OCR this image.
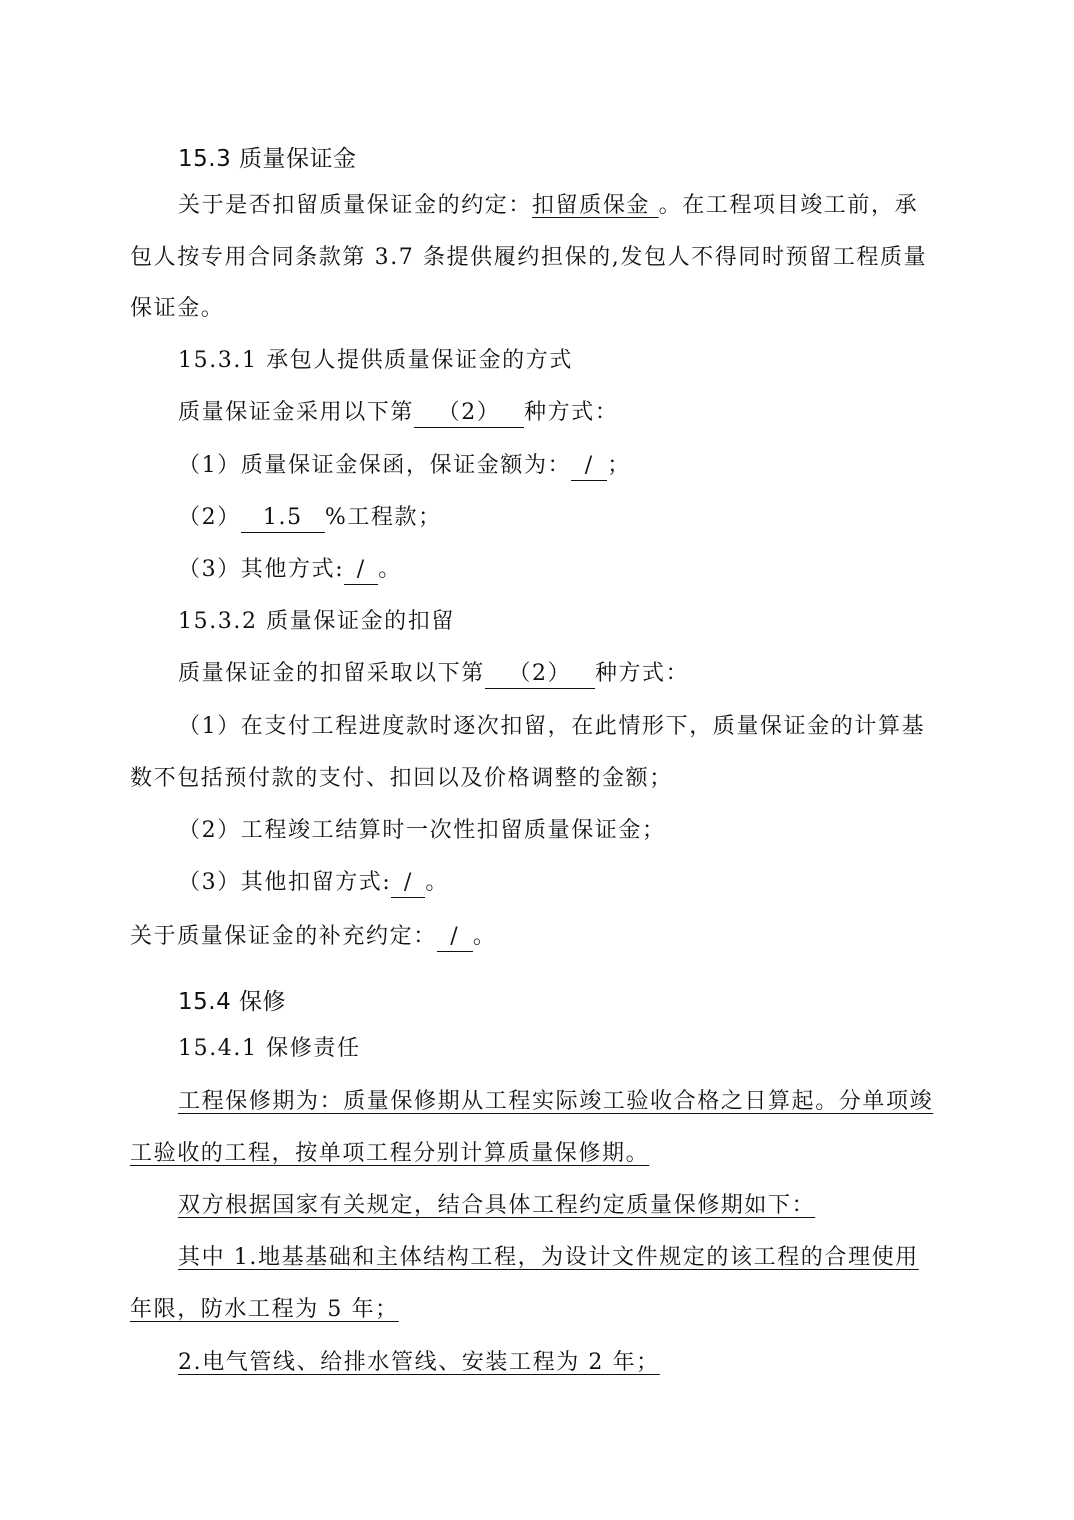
15.3 质量保证金
关于是否扣留质量保证金的约定：扣留质保金 。在工程项目竣工前，承
包人按专用合同条款第 3.7 条提供履约担保的,发包人不得同时预留工程质量
保证金。
15.3.1 承包人提供质量保证金的方式
质量保证金采用以下第 （2） 种方式：
（1）质量保证金保函，保证金额为： / ；
（2） 1.5 %工程款；
（3）其他方式: / 。
15.3.2 质量保证金的扣留
质量保证金的扣留采取以下第 （2） 种方式：
（1）在支付工程进度款时逐次扣留，在此情形下，质量保证金的计算基
数不包括预付款的支付、扣回以及价格调整的金额；
（2）工程竣工结算时一次性扣留质量保证金；
（3）其他扣留方式: / 。
关于质量保证金的补充约定： / 。
15.4 保修
15.4.1 保修责任
工程保修期为：质量保修期从工程实际竣工验收合格之日算起。分单项竣
工验收的工程，按单项工程分别计算质量保修期。
双方根据国家有关规定，结合具体工程约定质量保修期如下：
其中 1.地基基础和主体结构工程，为设计文件规定的该工程的合理使用
年限，防水工程为 5 年；
2.电气管线、给排水管线、安装工程为 2 年；
